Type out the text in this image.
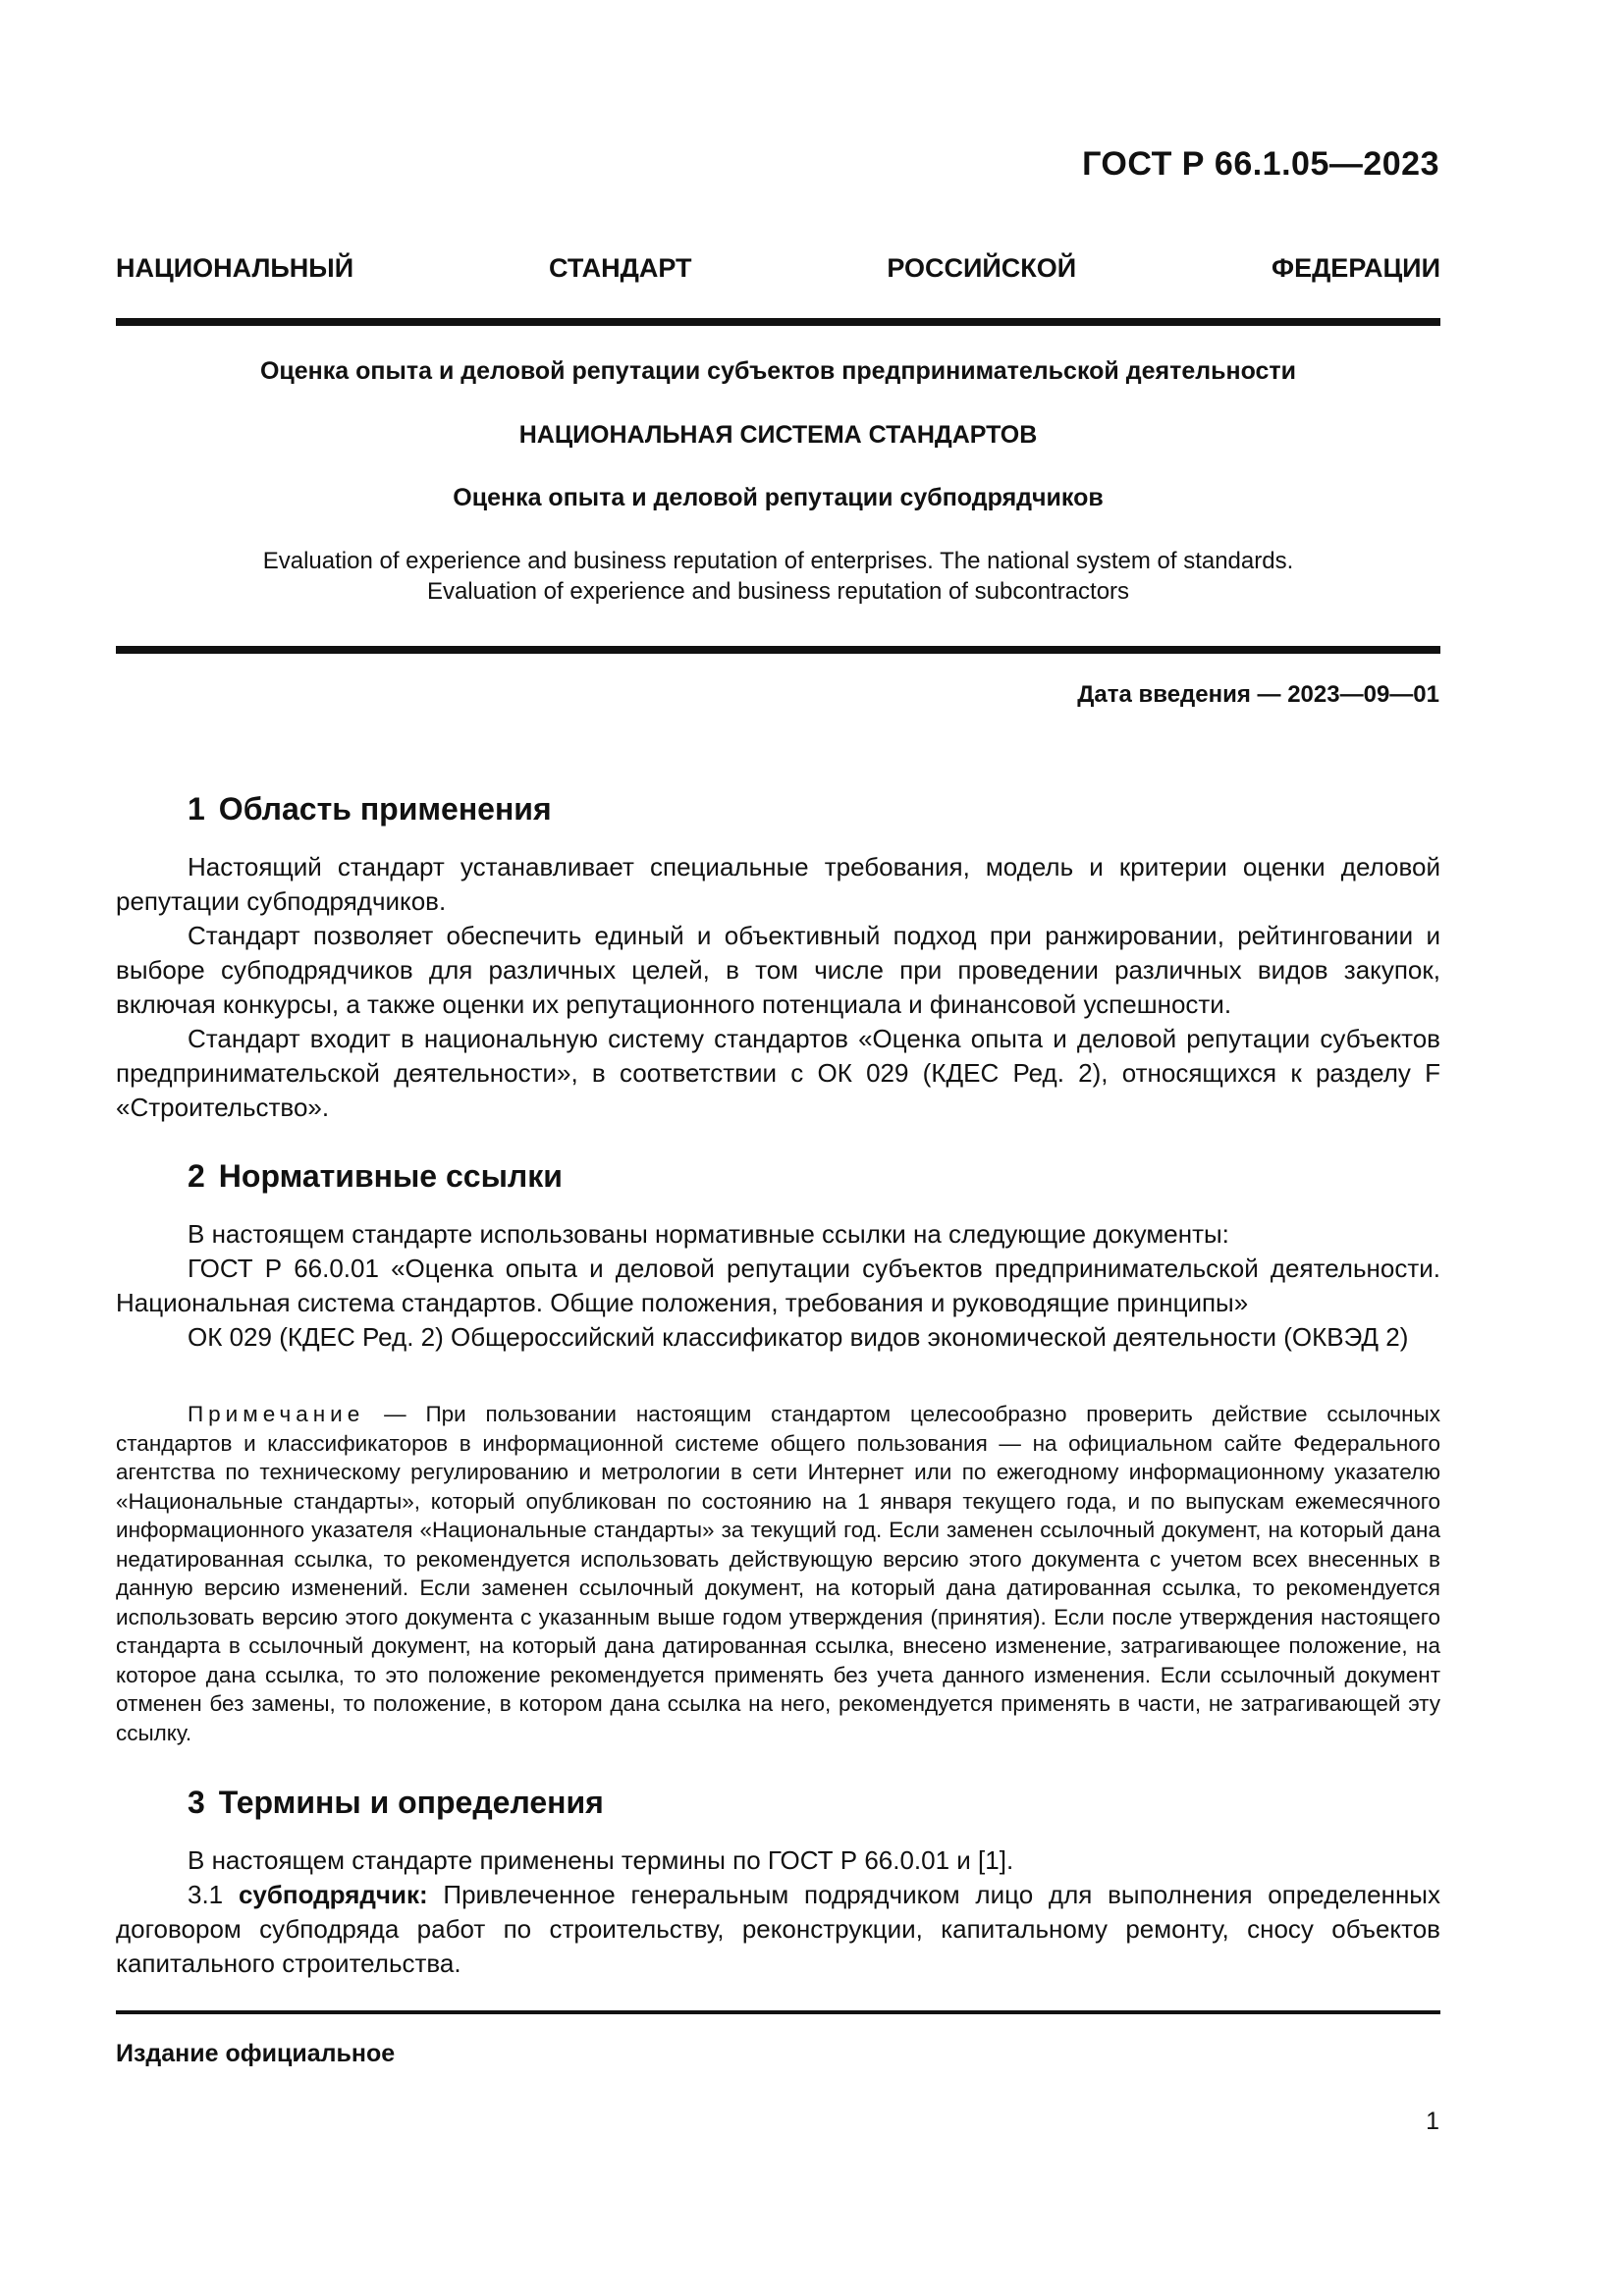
ГОСТ Р 66.1.05—2023
НАЦИОНАЛЬНЫЙ СТАНДАРТ РОССИЙСКОЙ ФЕДЕРАЦИИ
Оценка опыта и деловой репутации субъектов предпринимательской деятельности
НАЦИОНАЛЬНАЯ СИСТЕМА СТАНДАРТОВ
Оценка опыта и деловой репутации субподрядчиков
Evaluation of experience and business reputation of enterprises. The national system of standards.
Evaluation of experience and business reputation of subcontractors
Дата введения — 2023—09—01
1 Область применения

Настоящий стандарт устанавливает специальные требования, модель и критерии оценки деловой репутации субподрядчиков.

Стандарт позволяет обеспечить единый и объективный подход при ранжировании, рейтинговании и выборе субподрядчиков для различных целей, в том числе при проведении различных видов закупок, включая конкурсы, а также оценки их репутационного потенциала и финансовой успешности.

Стандарт входит в национальную систему стандартов «Оценка опыта и деловой репутации субъектов предпринимательской деятельности», в соответствии с ОК 029 (КДЕС Ред. 2), относящихся к разделу F «Строительство».

2 Нормативные ссылки

В настоящем стандарте использованы нормативные ссылки на следующие документы:

ГОСТ Р 66.0.01 «Оценка опыта и деловой репутации субъектов предпринимательской деятельности. Национальная система стандартов. Общие положения, требования и руководящие принципы»

ОК 029 (КДЕС Ред. 2) Общероссийский классификатор видов экономической деятельности (ОКВЭД 2)

Примечание — При пользовании настоящим стандартом целесообразно проверить действие ссылочных стандартов и классификаторов в информационной системе общего пользования — на официальном сайте Федерального агентства по техническому регулированию и метрологии в сети Интернет или по ежегодному информационному указателю «Национальные стандарты», который опубликован по состоянию на 1 января текущего года, и по выпускам ежемесячного информационного указателя «Национальные стандарты» за текущий год. Если заменен ссылочный документ, на который дана недатированная ссылка, то рекомендуется использовать действующую версию этого документа с учетом всех внесенных в данную версию изменений. Если заменен ссылочный документ, на который дана датированная ссылка, то рекомендуется использовать версию этого документа с указанным выше годом утверждения (принятия). Если после утверждения настоящего стандарта в ссылочный документ, на который дана датированная ссылка, внесено изменение, затрагивающее положение, на которое дана ссылка, то это положение рекомендуется применять без учета данного изменения. Если ссылочный документ отменен без замены, то положение, в котором дана ссылка на него, рекомендуется применять в части, не затрагивающей эту ссылку.

3 Термины и определения

В настоящем стандарте применены термины по ГОСТ Р 66.0.01 и [1].

3.1 субподрядчик: Привлеченное генеральным подрядчиком лицо для выполнения определенных договором субподряда работ по строительству, реконструкции, капитальному ремонту, сносу объектов капитального строительства.

Издание официальное
1
